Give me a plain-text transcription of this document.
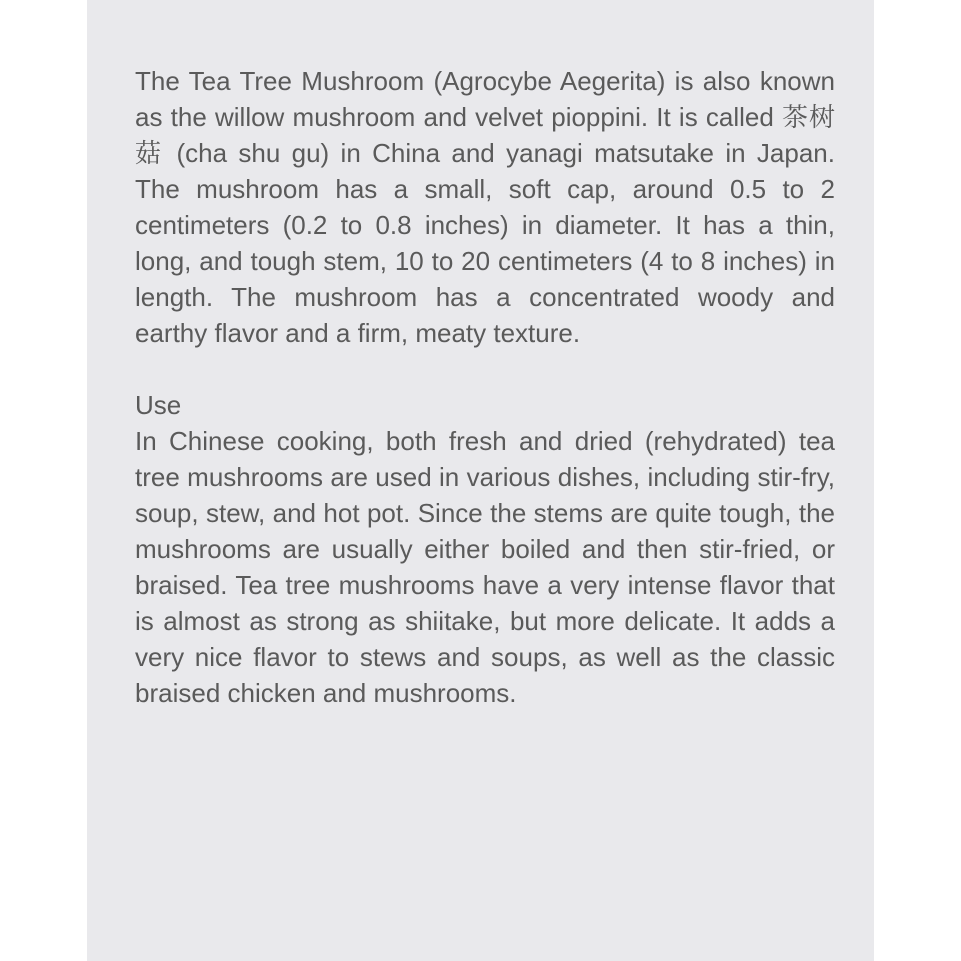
The Tea Tree Mushroom (Agrocybe Aegerita) is also known as the willow mushroom and velvet pioppini. It is called 茶树菇 (cha shu gu) in China and yanagi matsutake in Japan. The mushroom has a small, soft cap, around 0.5 to 2 centimeters (0.2 to 0.8 inches) in diameter. It has a thin, long, and tough stem, 10 to 20 centimeters (4 to 8 inches) in length. The mushroom has a concentrated woody and earthy flavor and a firm, meaty texture.

Use

In Chinese cooking, both fresh and dried (rehydrated) tea tree mushrooms are used in various dishes, including stir-fry, soup, stew, and hot pot. Since the stems are quite tough, the mushrooms are usually either boiled and then stir-fried, or braised. Tea tree mushrooms have a very intense flavor that is almost as strong as shiitake, but more delicate. It adds a very nice flavor to stews and soups, as well as the classic braised chicken and mushrooms.
